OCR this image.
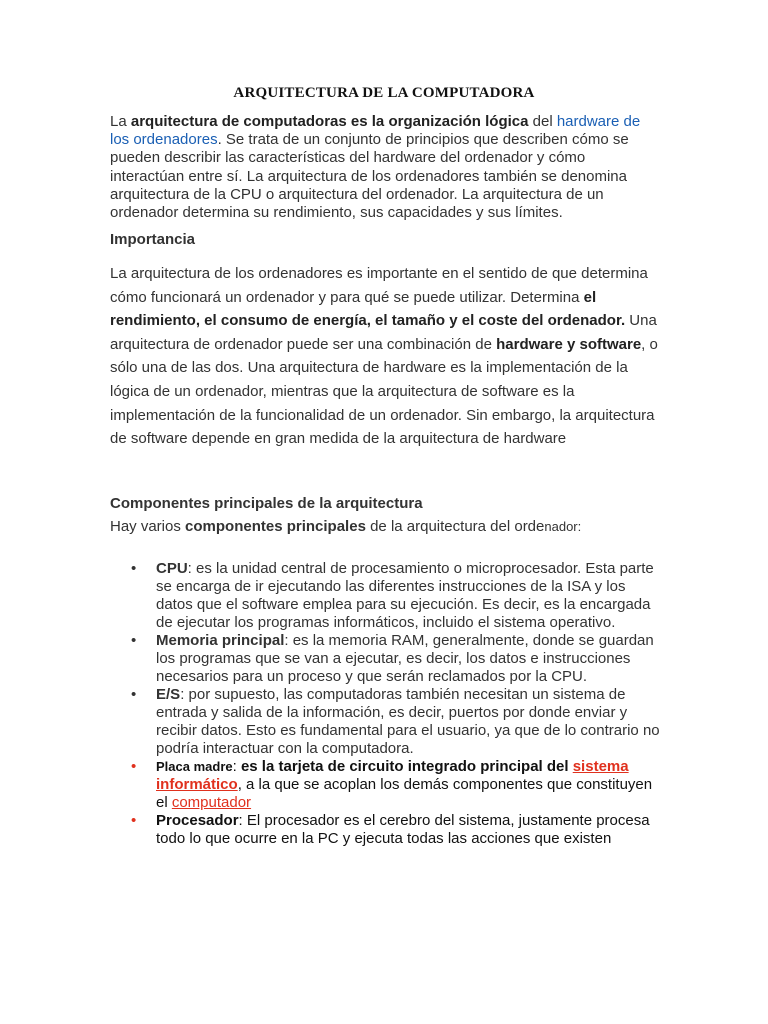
ARQUITECTURA DE LA COMPUTADORA

La arquitectura de computadoras es la organización lógica del hardware de los ordenadores. Se trata de un conjunto de principios que describen cómo se pueden describir las características del hardware del ordenador y cómo interactúan entre sí. La arquitectura de los ordenadores también se denomina arquitectura de la CPU o arquitectura del ordenador. La arquitectura de un ordenador determina su rendimiento, sus capacidades y sus límites.

Importancia

La arquitectura de los ordenadores es importante en el sentido de que determina cómo funcionará un ordenador y para qué se puede utilizar. Determina el rendimiento, el consumo de energía, el tamaño y el coste del ordenador. Una arquitectura de ordenador puede ser una combinación de hardware y software, o sólo una de las dos. Una arquitectura de hardware es la implementación de la lógica de un ordenador, mientras que la arquitectura de software es la implementación de la funcionalidad de un ordenador. Sin embargo, la arquitectura de software depende en gran medida de la arquitectura de hardware

Componentes principales de la arquitectura

Hay varios componentes principales de la arquitectura del ordenador:

• CPU: es la unidad central de procesamiento o microprocesador. Esta parte se encarga de ir ejecutando las diferentes instrucciones de la ISA y los datos que el software emplea para su ejecución. Es decir, es la encargada de ejecutar los programas informáticos, incluido el sistema operativo.
• Memoria principal: es la memoria RAM, generalmente, donde se guardan los programas que se van a ejecutar, es decir, los datos e instrucciones necesarios para un proceso y que serán reclamados por la CPU.
• E/S: por supuesto, las computadoras también necesitan un sistema de entrada y salida de la información, es decir, puertos por donde enviar y recibir datos. Esto es fundamental para el usuario, ya que de lo contrario no podría interactuar con la computadora.
• Placa madre: es la tarjeta de circuito integrado principal del sistema informático, a la que se acoplan los demás componentes que constituyen el computador
• Procesador: El procesador es el cerebro del sistema, justamente procesa todo lo que ocurre en la PC y ejecuta todas las acciones que existen
